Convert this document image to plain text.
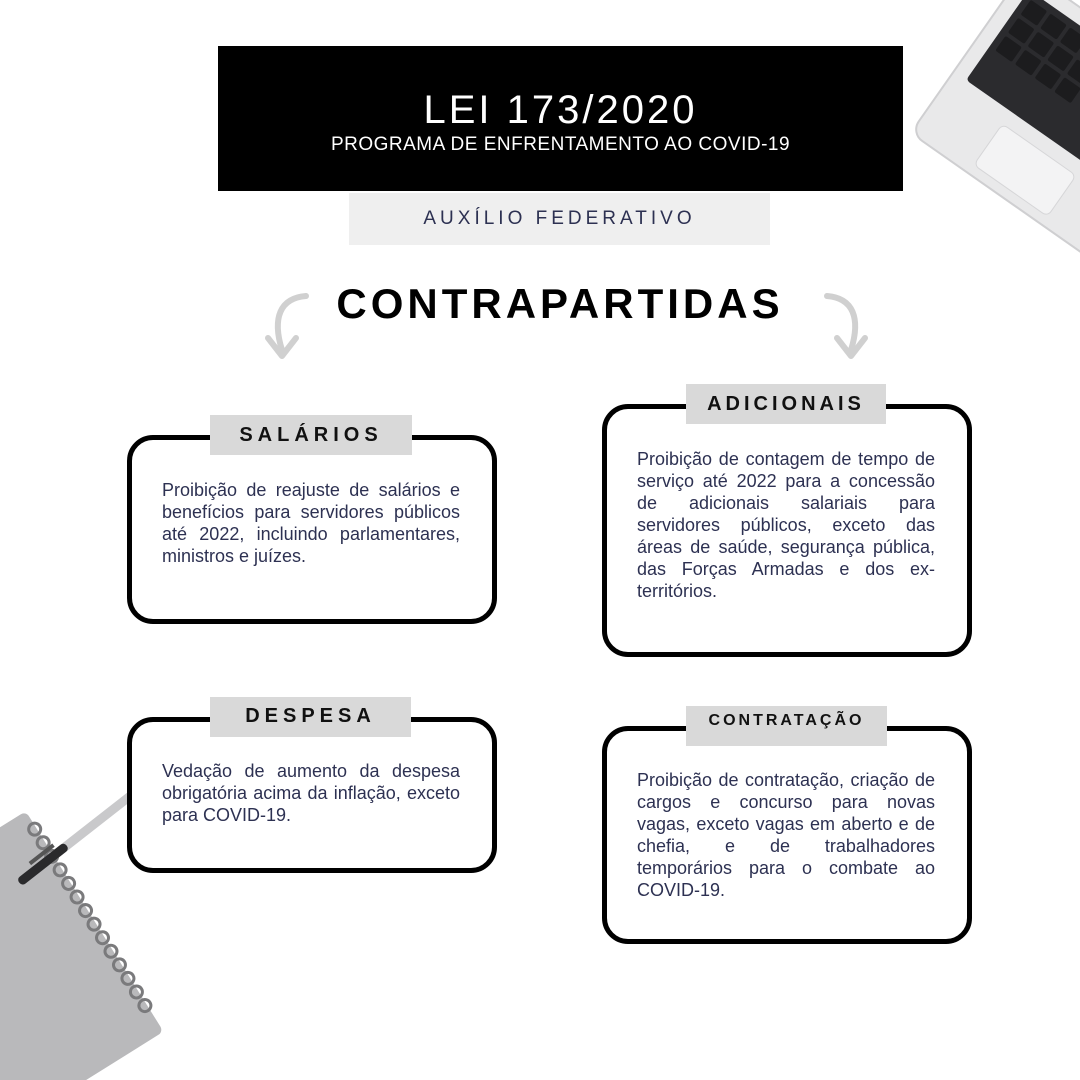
LEI 173/2020
PROGRAMA DE ENFRENTAMENTO AO COVID-19
AUXÍLIO FEDERATIVO
CONTRAPARTIDAS
SALÁRIOS

Proibição de reajuste de salários e benefícios para servidores públicos até 2022, incluindo parlamentares, ministros e juízes.

ADICIONAIS

Proibição de contagem de tempo de serviço até 2022 para a concessão de adicionais salariais para servidores públicos, exceto das áreas de saúde, segurança pública, das Forças Armadas e dos ex-territórios.

DESPESA

Vedação de aumento da despesa obrigatória acima da inflação, exceto para COVID-19.

CONTRATAÇÃO

Proibição de contratação, criação de cargos e concurso para novas vagas, exceto vagas em aberto e de chefia, e de trabalhadores temporários para o combate ao COVID-19.
